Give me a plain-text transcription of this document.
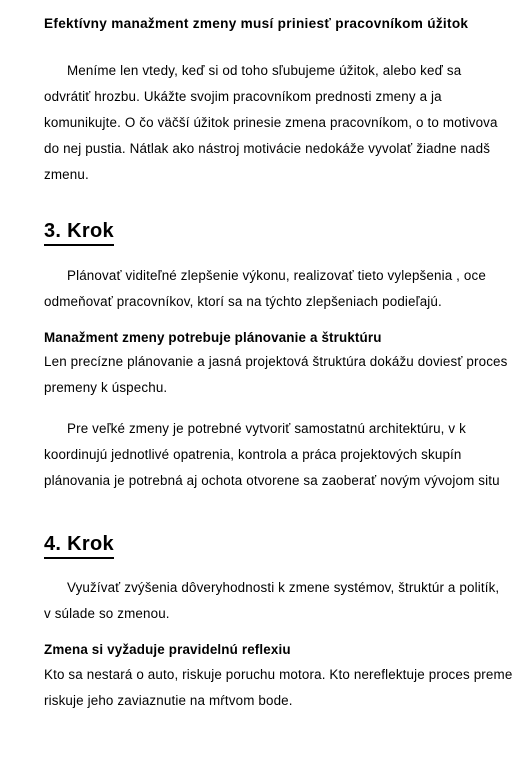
Efektívny manažment zmeny musí priniesť pracovníkom úžitok
Meníme len vtedy, keď si od toho sľubujeme úžitok, alebo keď sa
odvrátiť hrozbu. Ukážte svojim pracovníkom prednosti zmeny a ja
komunikujte. O čo väčší úžitok prinesie zmena pracovníkom, o to motivova
do nej pustia. Nátlak ako nástroj motivácie nedokáže vyvolať žiadne nadš
zmenu.
3. Krok
Plánovať viditeľné zlepšenie výkonu, realizovať tieto vylepšenia , oce
odmeňovať pracovníkov, ktorí sa na týchto zlepšeniach podieľajú.
Manažment zmeny potrebuje plánovanie a štruktúru
Len precízne plánovanie a jasná projektová štruktúra dokážu doviesť proces
premeny k úspechu.
Pre veľké zmeny je potrebné vytvoriť samostatnú architektúru, v k
koordinujú jednotlivé opatrenia, kontrola a práca projektových skupín
plánovania je potrebná aj ochota otvorene sa zaoberať novým vývojom situ
4. Krok
Využívať zvýšenia dôveryhodnosti k zmene systémov, štruktúr a politík,
v súlade so zmenou.
Zmena si vyžaduje pravidelnú reflexiu
Kto sa nestará o auto, riskuje poruchu motora. Kto nereflektuje proces preme
riskuje jeho zaviaznutie na mŕtvom bode.
